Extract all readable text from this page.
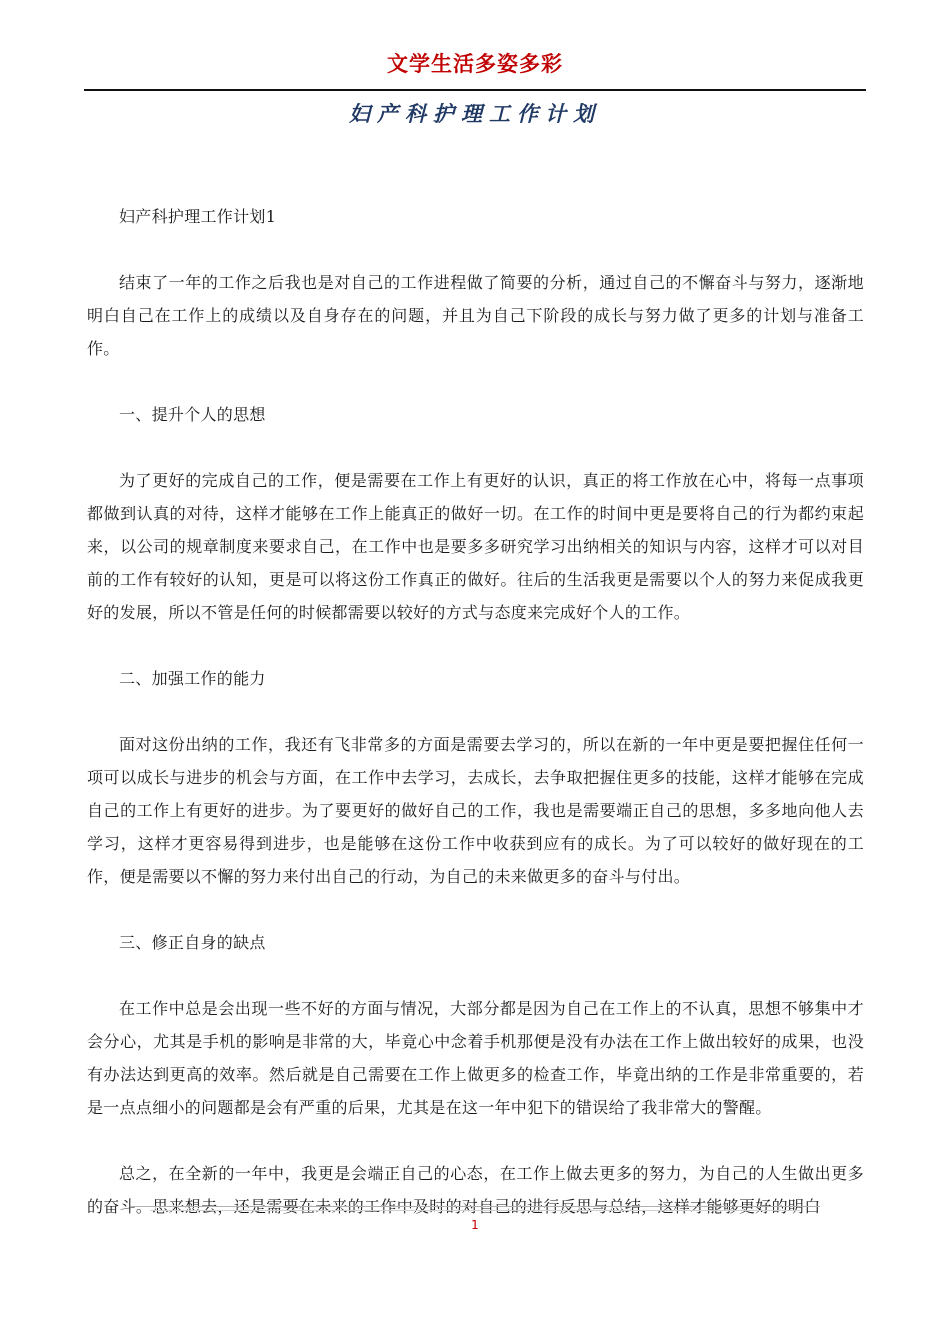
文学生活多姿多彩
妇产科护理工作计划

妇产科护理工作计划1

结束了一年的工作之后我也是对自己的工作进程做了简要的分析，通过自己的不懈奋斗与努力，逐渐地明白自己在工作上的成绩以及自身存在的问题，并且为自己下阶段的成长与努力做了更多的计划与准备工作。

一、提升个人的思想

为了更好的完成自己的工作，便是需要在工作上有更好的认识，真正的将工作放在心中，将每一点事项都做到认真的对待，这样才能够在工作上能真正的做好一切。在工作的时间中更是要将自己的行为都约束起来，以公司的规章制度来要求自己，在工作中也是要多多研究学习出纳相关的知识与内容，这样才可以对目前的工作有较好的认知，更是可以将这份工作真正的做好。往后的生活我更是需要以个人的努力来促成我更好的发展，所以不管是任何的时候都需要以较好的方式与态度来完成好个人的工作。

二、加强工作的能力

面对这份出纳的工作，我还有飞非常多的方面是需要去学习的，所以在新的一年中更是要把握住任何一项可以成长与进步的机会与方面，在工作中去学习，去成长，去争取把握住更多的技能，这样才能够在完成自己的工作上有更好的进步。为了要更好的做好自己的工作，我也是需要端正自己的思想，多多地向他人去学习，这样才更容易得到进步，也是能够在这份工作中收获到应有的成长。为了可以较好的做好现在的工作，便是需要以不懈的努力来付出自己的行动，为自己的未来做更多的奋斗与付出。

三、修正自身的缺点

在工作中总是会出现一些不好的方面与情况，大部分都是因为自己在工作上的不认真，思想不够集中才会分心，尤其是手机的影响是非常的大，毕竟心中念着手机那便是没有办法在工作上做出较好的成果，也没有办法达到更高的效率。然后就是自己需要在工作上做更多的检查工作，毕竟出纳的工作是非常重要的，若是一点点细小的问题都是会有严重的后果，尤其是在这一年中犯下的错误给了我非常大的警醒。

总之，在全新的一年中，我更是会端正自己的心态，在工作上做去更多的努力，为自己的人生做出更多的奋斗。思来想去，还是需要在未来的工作中及时的对自己的进行反思与总结，这样才能够更好的明白

1
